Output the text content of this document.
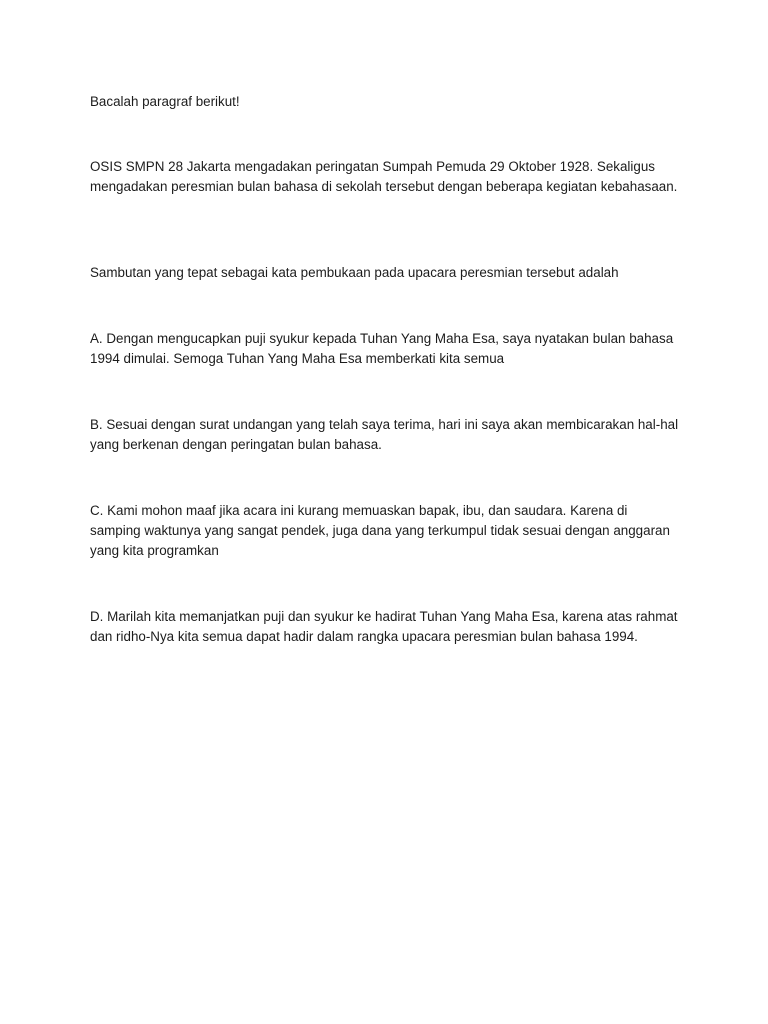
Bacalah paragraf berikut!

OSIS SMPN 28 Jakarta mengadakan peringatan Sumpah Pemuda 29 Oktober 1928. Sekaligus mengadakan peresmian bulan bahasa di sekolah tersebut dengan beberapa kegiatan kebahasaan.

Sambutan yang tepat sebagai kata pembukaan pada upacara peresmian tersebut adalah

A. Dengan mengucapkan puji syukur kepada Tuhan Yang Maha Esa, saya nyatakan bulan bahasa 1994 dimulai. Semoga Tuhan Yang Maha Esa memberkati kita semua

B. Sesuai dengan surat undangan yang telah saya terima, hari ini saya akan membicarakan hal-hal yang berkenan dengan peringatan bulan bahasa.

C. Kami mohon maaf jika acara ini kurang memuaskan bapak, ibu, dan saudara. Karena di samping waktunya yang sangat pendek, juga dana yang terkumpul tidak sesuai dengan anggaran yang kita programkan

D. Marilah kita memanjatkan puji dan syukur ke hadirat Tuhan Yang Maha Esa, karena atas rahmat dan ridho-Nya kita semua dapat hadir dalam rangka upacara peresmian bulan bahasa 1994.
